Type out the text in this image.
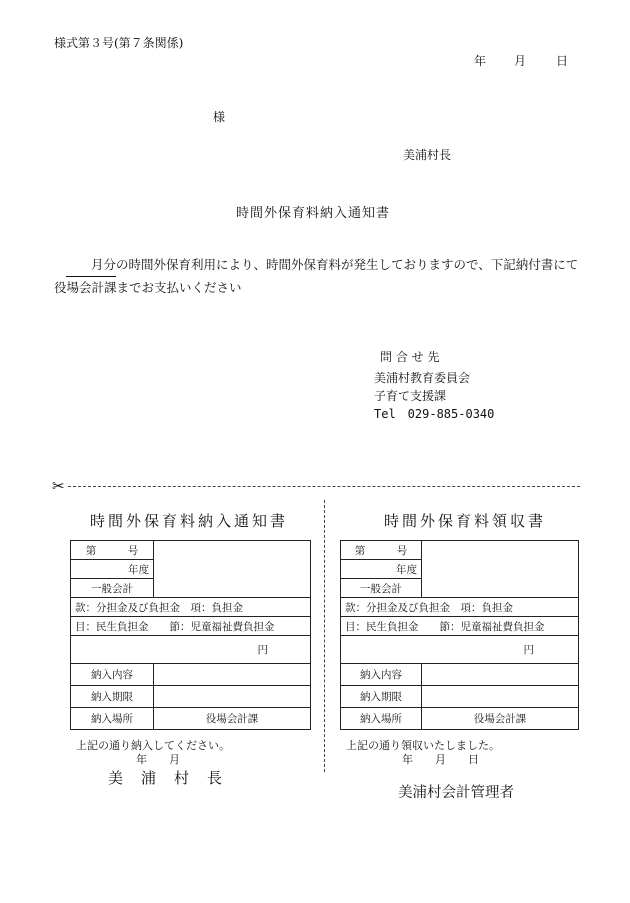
様式第３号(第７条関係)
年 月 日
様
美浦村長
時間外保育料納入通知書
月分の時間外保育利用により、時間外保育料が発生しておりますので、下記納付書にて役場会計課までお支払いください
問 合 せ 先
美浦村教育委員会
子育て支援課
Tel　029-885-0340
✂
時間外保育料納入通知書
第　　　号	
年度	
一般会計	
款：分担金及び負担金　項：負担金	
目：民生負担金　　節：児童福祉費負担金	
円	
納入内容	
納入期限	
納入場所	役場会計課
上記の通り納入してください。
年　　月
美浦村長
時間外保育料領収書
第　　　号	
年度	
一般会計	
款：分担金及び負担金　項：負担金	
目：民生負担金　　節：児童福祉費負担金	
円	
納入内容	
納入期限	
納入場所	役場会計課
上記の通り領収いたしました。
年　　月　　日
美浦村会計管理者
